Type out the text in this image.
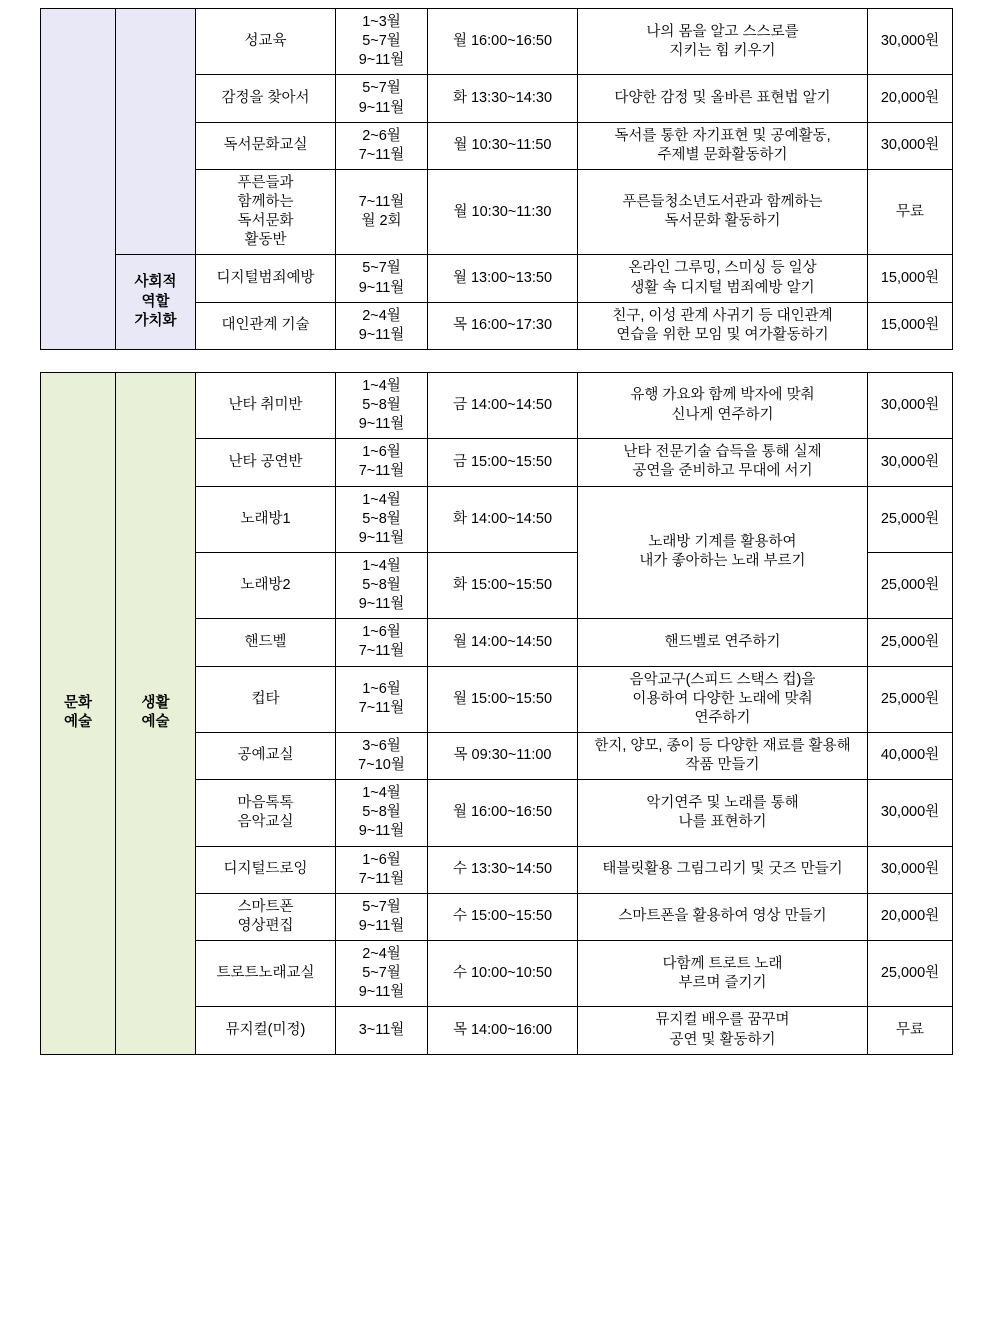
		성교육	1~3월
5~7월
9~11월	월 16:00~16:50	나의 몸을 알고 스스로를
지키는 힘 키우기	30,000원
		감정을 찾아서	5~7월
9~11월	화 13:30~14:30	다양한 감정 및 올바른 표현법 알기	20,000원
		독서문화교실	2~6월
7~11월	월 10:30~11:50	독서를 통한 자기표현 및 공예활동,
주제별 문화활동하기	30,000원
		푸른들과
함께하는
독서문화
활동반	7~11월
월 2회	월 10:30~11:30	푸른들청소년도서관과 함께하는
독서문화 활동하기	무료
	사회적
역할
가치화	디지털범죄예방	5~7월
9~11월	월 13:00~13:50	온라인 그루밍, 스미싱 등 일상
생활 속 디지털 범죄예방 알기	15,000원
		대인관계 기술	2~4월
9~11월	목 16:00~17:30	친구, 이성 관계 사귀기 등 대인관계
연습을 위한 모임 및 여가활동하기	15,000원
문화
예술	생활
예술	난타 취미반	1~4월
5~8월
9~11월	금 14:00~14:50	유행 가요와 함께 박자에 맞춰
신나게 연주하기	30,000원
		난타 공연반	1~6월
7~11월	금 15:00~15:50	난타 전문기술 습득을 통해 실제
공연을 준비하고 무대에 서기	30,000원
		노래방1	1~4월
5~8월
9~11월	화 14:00~14:50	노래방 기계를 활용하여
내가 좋아하는 노래 부르기	25,000원
		노래방2	1~4월
5~8월
9~11월	화 15:00~15:50		25,000원
		핸드벨	1~6월
7~11월	월 14:00~14:50	핸드벨로 연주하기	25,000원
		컵타	1~6월
7~11월	월 15:00~15:50	음악교구(스피드 스택스 컵)을
이용하여 다양한 노래에 맞춰
연주하기	25,000원
		공예교실	3~6월
7~10월	목 09:30~11:00	한지, 양모, 종이 등 다양한 재료를 활용해
작품 만들기	40,000원
		마음톡톡
음악교실	1~4월
5~8월
9~11월	월 16:00~16:50	악기연주 및 노래를 통해
나를 표현하기	30,000원
		디지털드로잉	1~6월
7~11월	수 13:30~14:50	태블릿활용 그림그리기 및 굿즈 만들기	30,000원
		스마트폰
영상편집	5~7월
9~11월	수 15:00~15:50	스마트폰을 활용하여 영상 만들기	20,000원
		트로트노래교실	2~4월
5~7월
9~11월	수 10:00~10:50	다함께 트로트 노래
부르며 즐기기	25,000원
		뮤지컬(미정)	3~11월	목 14:00~16:00	뮤지컬 배우를 꿈꾸며
공연 및 활동하기	무료
